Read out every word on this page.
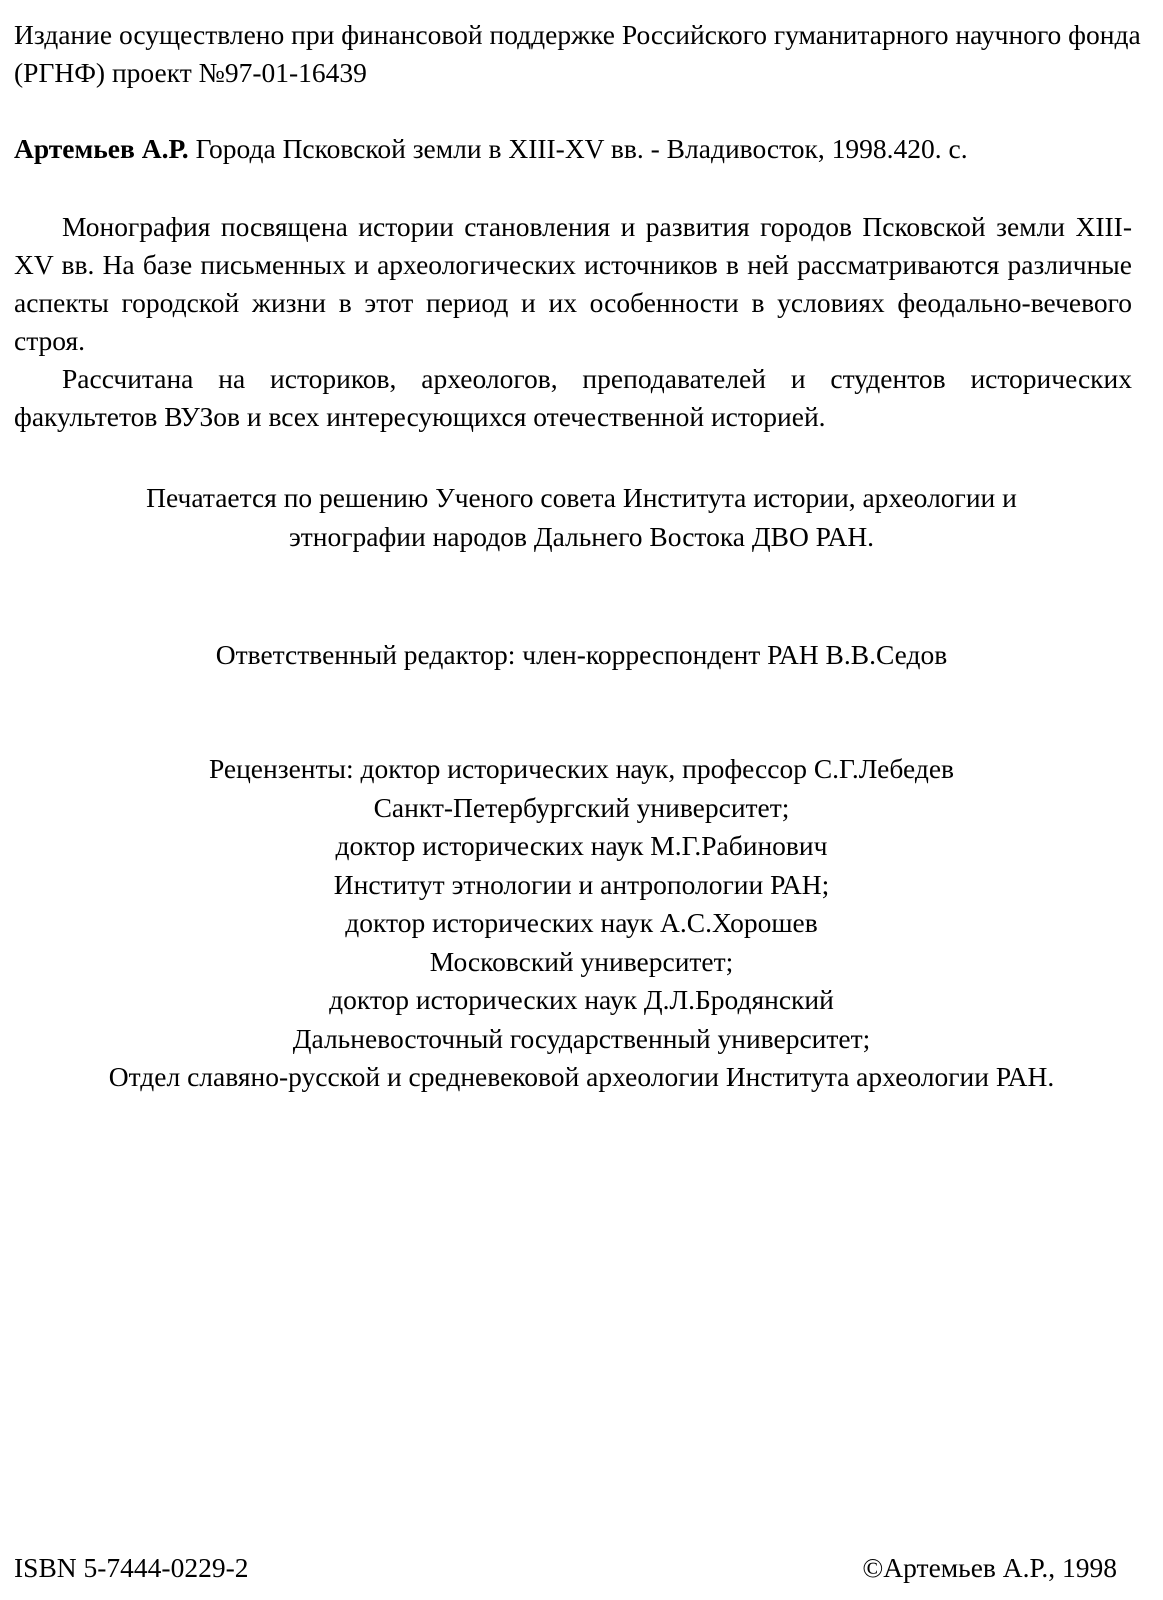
Издание осуществлено при финансовой поддержке Российского гуманитарного научного фонда (РГНФ) проект №97-01-16439

Артемьев А.Р. Города Псковской земли в XIII-XV вв. - Владивосток, 1998.420. с.

Монография посвящена истории становления и развития городов Псковской земли XIII-XV вв. На базе письменных и археологических источников в ней рассматриваются различные аспекты городской жизни в этот период и их особенности в условиях феодально-вечевого строя.

Рассчитана на историков, археологов, преподавателей и студентов исторических факультетов ВУЗов и всех интересующихся отечественной историей.

Печатается по решению Ученого совета Института истории, археологии и
этнографии народов Дальнего Востока ДВО РАН.

Ответственный редактор: член-корреспондент РАН В.В.Седов

Рецензенты: доктор исторических наук, профессор С.Г.Лебедев
Санкт-Петербургский университет;
доктор исторических наук М.Г.Рабинович
Институт этнологии и антропологии РАН;
доктор исторических наук А.С.Хорошев
Московский университет;
доктор исторических наук Д.Л.Бродянский
Дальневосточный государственный университет;
Отдел славяно-русской и средневековой археологии Института археологии РАН.

ISBN 5-7444-0229-2	©Артемьев А.Р., 1998
